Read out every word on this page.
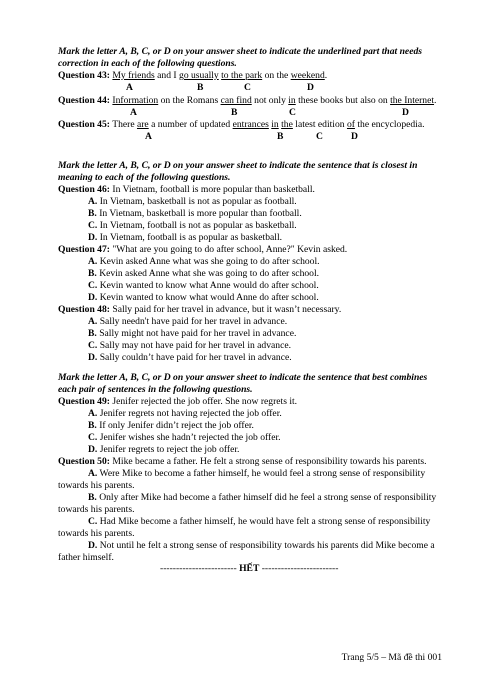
Mark the letter A, B, C, or D on your answer sheet to indicate the underlined part that needs
correction in each of the following questions.
Question 43: My friends and I go usually to the park on the weekend.
A	B	C	D
Question 44: Information on the Romans can find not only in these books but also on the Internet.
A	B	C	D
Question 45: There are a number of updated entrances in the latest edition of the encyclopedia.
A	B	C	D
Mark the letter A, B, C, or D on your answer sheet to indicate the sentence that is closest in
meaning to each of the following questions.
Question 46: In Vietnam, football is more popular than basketball.
A. In Vietnam, basketball is not as popular as football.
B. In Vietnam, basketball is more popular than football.
C. In Vietnam, football is not as popular as basketball.
D. In Vietnam, football is as popular as basketball.
Question 47: "What are you going to do after school, Anne?" Kevin asked.
A. Kevin asked Anne what was she going to do after school.
B. Kevin asked Anne what she was going to do after school.
C. Kevin wanted to know what Anne would do after school.
D. Kevin wanted to know what would Anne do after school.
Question 48: Sally paid for her travel in advance, but it wasn’t necessary.
A. Sally needn't have paid for her travel in advance.
B. Sally might not have paid for her travel in advance.
C. Sally may not have paid for her travel in advance.
D. Sally couldn’t have paid for her travel in advance.
Mark the letter A, B, C, or D on your answer sheet to indicate the sentence that best combines
each pair of sentences in the following questions.
Question 49: Jenifer rejected the job offer. She now regrets it.
A. Jenifer regrets not having rejected the job offer.
B. If only Jenifer didn’t reject the job offer.
C. Jenifer wishes she hadn’t rejected the job offer.
D. Jenifer regrets to reject the job offer.
Question 50: Mike became a father. He felt a strong sense of responsibility towards his parents.
A. Were Mike to become a father himself, he would feel a strong sense of responsibility
towards his parents.
B. Only after Mike had become a father himself did he feel a strong sense of responsibility
towards his parents.
C. Had Mike become a father himself, he would have felt a strong sense of responsibility
towards his parents.
D. Not until he felt a strong sense of responsibility towards his parents did Mike become a
father himself.
------------------------ HẾT ------------------------
Trang 5/5 – Mã đề thi 001
